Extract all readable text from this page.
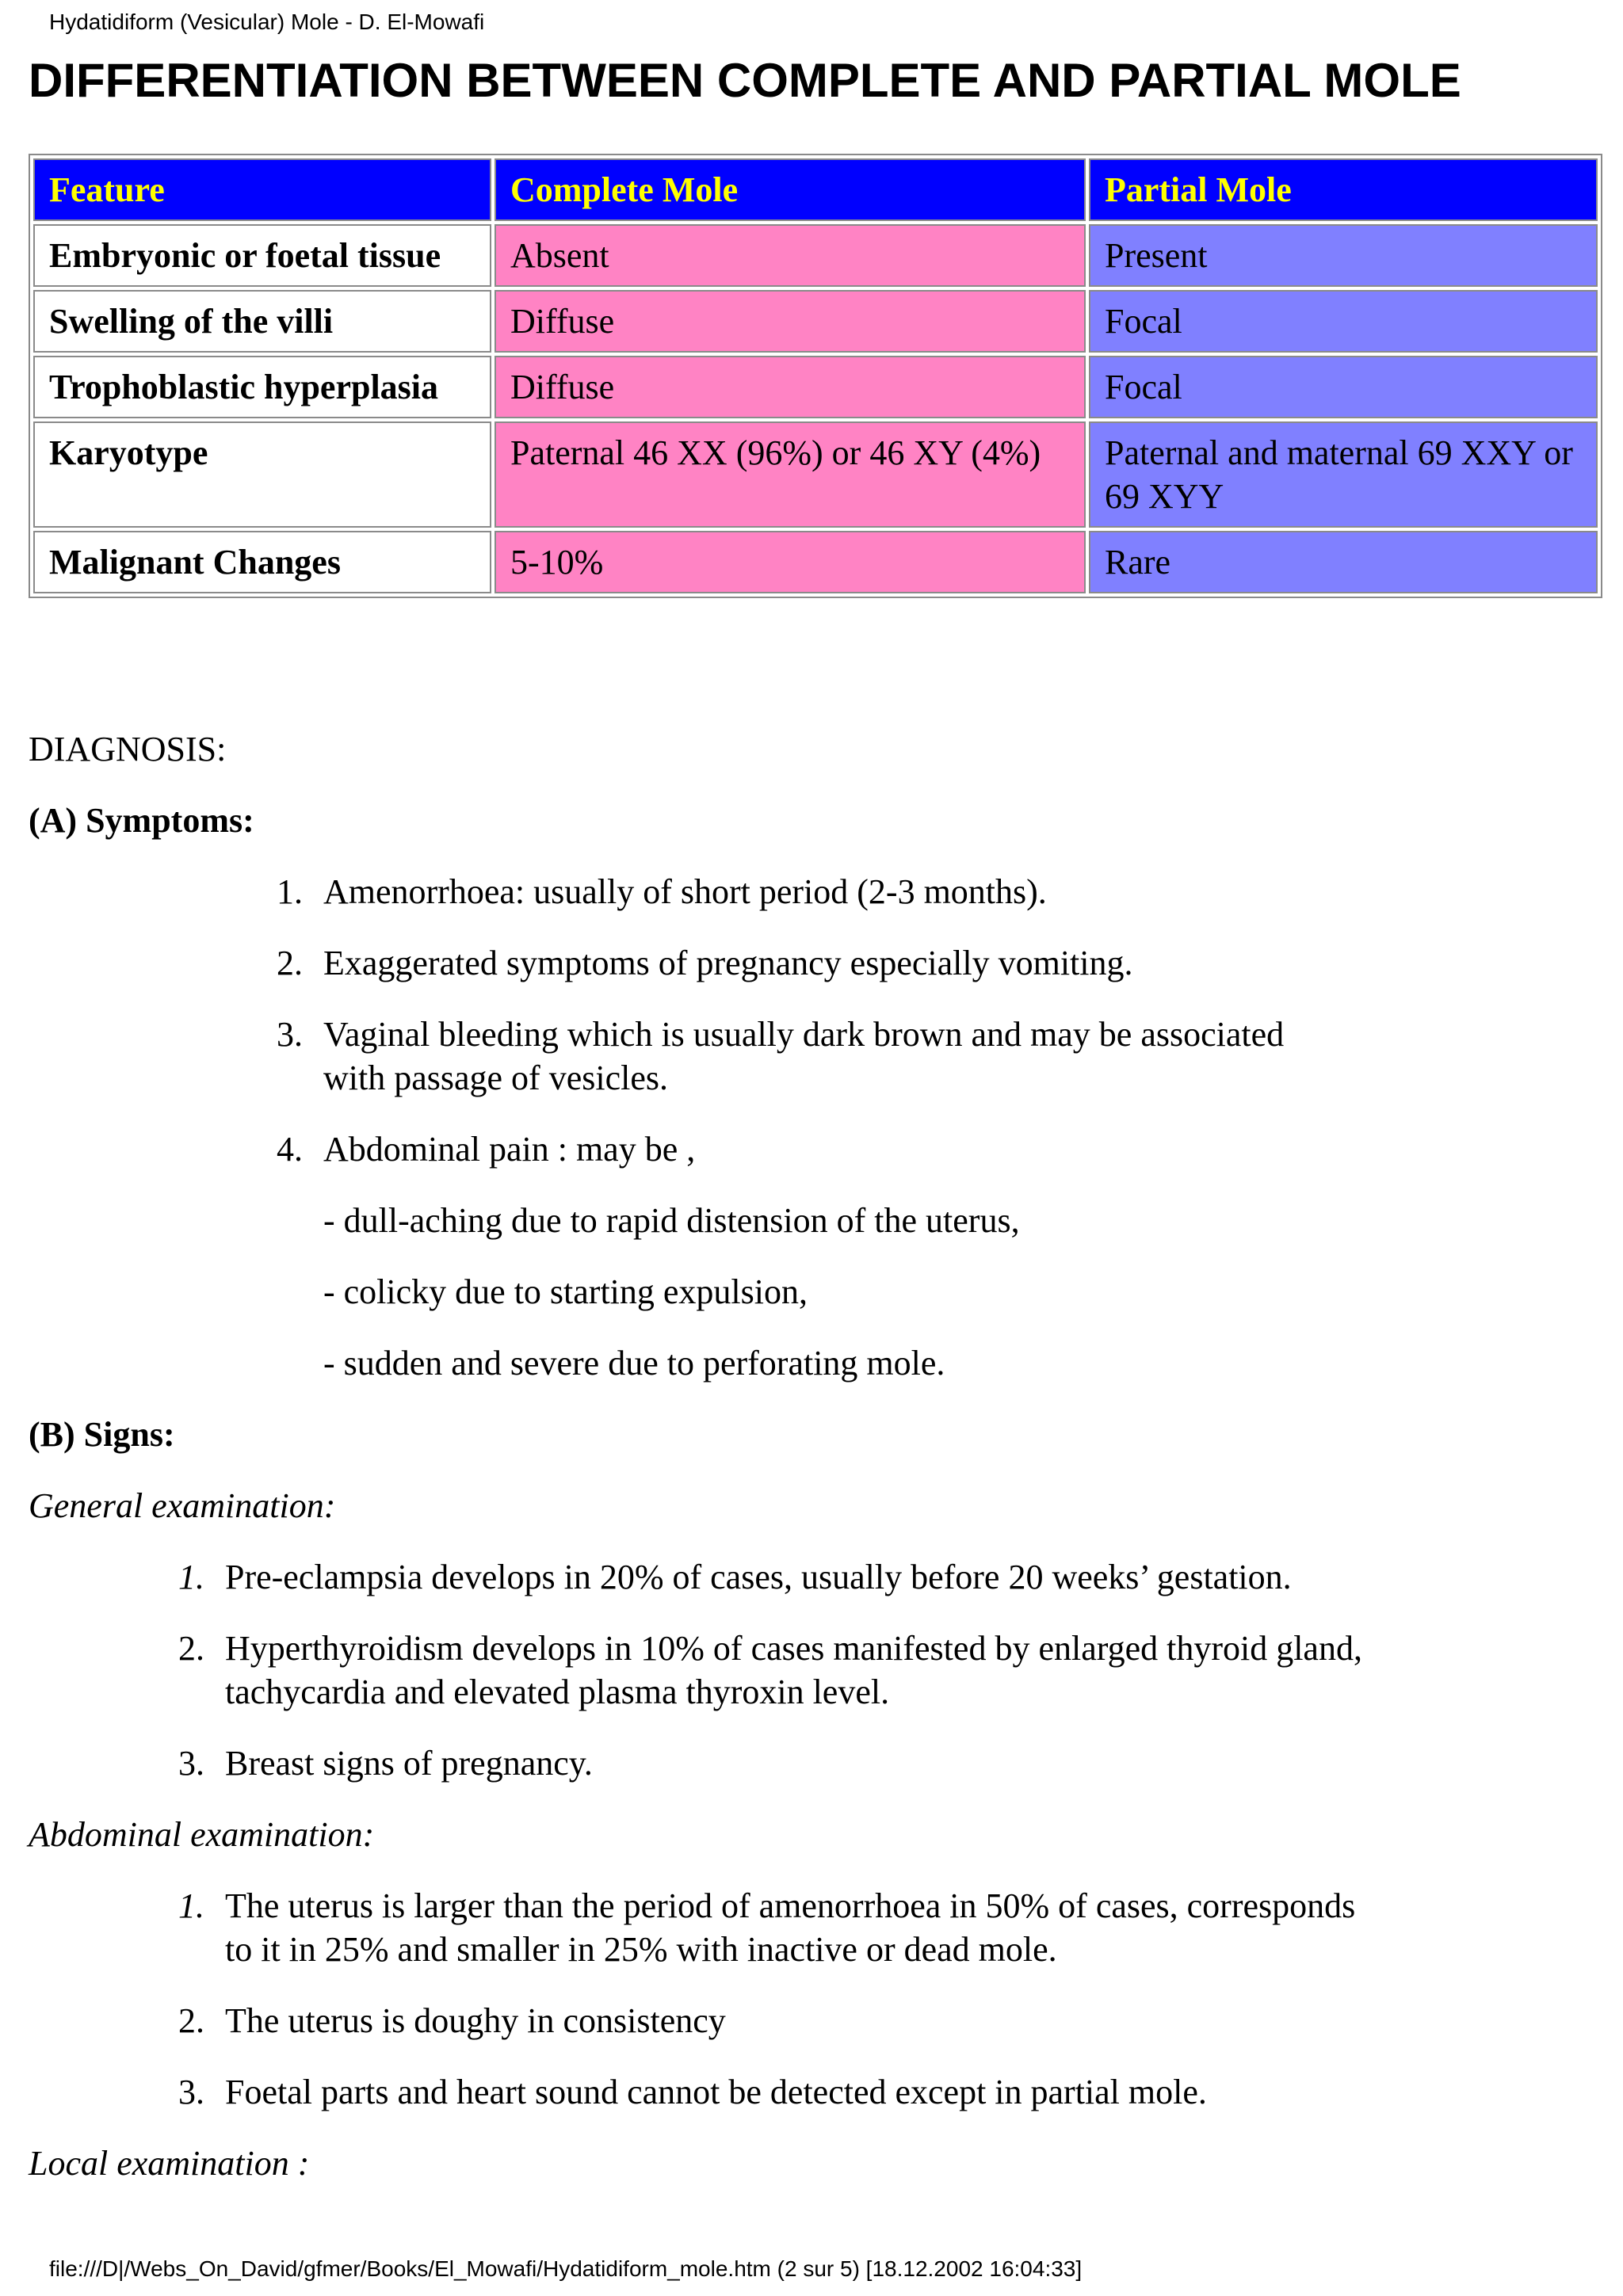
Hydatidiform (Vesicular) Mole - D. El-Mowafi
DIFFERENTIATION BETWEEN COMPLETE AND PARTIAL MOLE
Feature	Complete Mole	Partial Mole
Embryonic or foetal tissue	Absent	Present
Swelling of the villi	Diffuse	Focal
Trophoblastic hyperplasia	Diffuse	Focal
Karyotype	Paternal 46 XX (96%) or 46 XY (4%)	Paternal and maternal 69 XXY or 69 XYY
Malignant Changes	5-10%	Rare
DIAGNOSIS:
(A) Symptoms:
1. Amenorrhoea: usually of short period (2-3 months).
2. Exaggerated symptoms of pregnancy especially vomiting.
3. Vaginal bleeding which is usually dark brown and may be associated
with passage of vesicles.
4. Abdominal pain : may be ,
- dull-aching due to rapid distension of the uterus,
- colicky due to starting expulsion,
- sudden and severe due to perforating mole.
(B) Signs:
General examination:
1. Pre-eclampsia develops in 20% of cases, usually before 20 weeks’ gestation.
2. Hyperthyroidism develops in 10% of cases manifested by enlarged thyroid gland,
tachycardia and elevated plasma thyroxin level.
3. Breast signs of pregnancy.
Abdominal examination:
1. The uterus is larger than the period of amenorrhoea in 50% of cases, corresponds
to it in 25% and smaller in 25% with inactive or dead mole.
2. The uterus is doughy in consistency
3. Foetal parts and heart sound cannot be detected except in partial mole.
Local examination :
file:///D|/Webs_On_David/gfmer/Books/El_Mowafi/Hydatidiform_mole.htm (2 sur 5) [18.12.2002 16:04:33]
